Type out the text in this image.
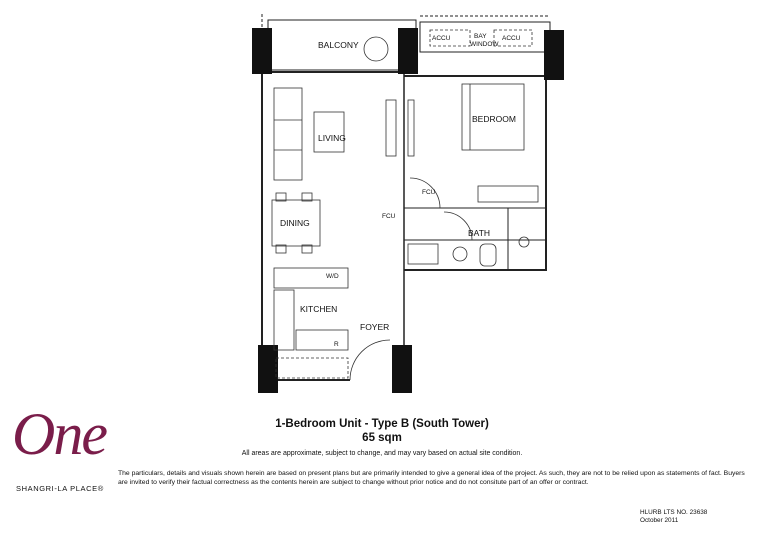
BALCONY
BAY
WINDOW
ACCU	ACCU
BEDROOM
LIVING
DINING
FCU
FCU
BATH
W/D
KITCHEN
FOYER
R
1-Bedroom Unit - Type B (South Tower)
65 sqm
All areas are approximate, subject to change, and may vary based on actual site condition.
The particulars, details and visuals shown herein are based on present plans but are primarily intended to give a general idea of the project. As such, they are not to be relied upon as statements of fact. Buyers are invited to verify their factual correctness as the contents herein are subject to change without prior notice and do not consitute part of an offer or contract.
One
SHANGRI-LA PLACE®
HLURB LTS NO. 23638
October 2011
